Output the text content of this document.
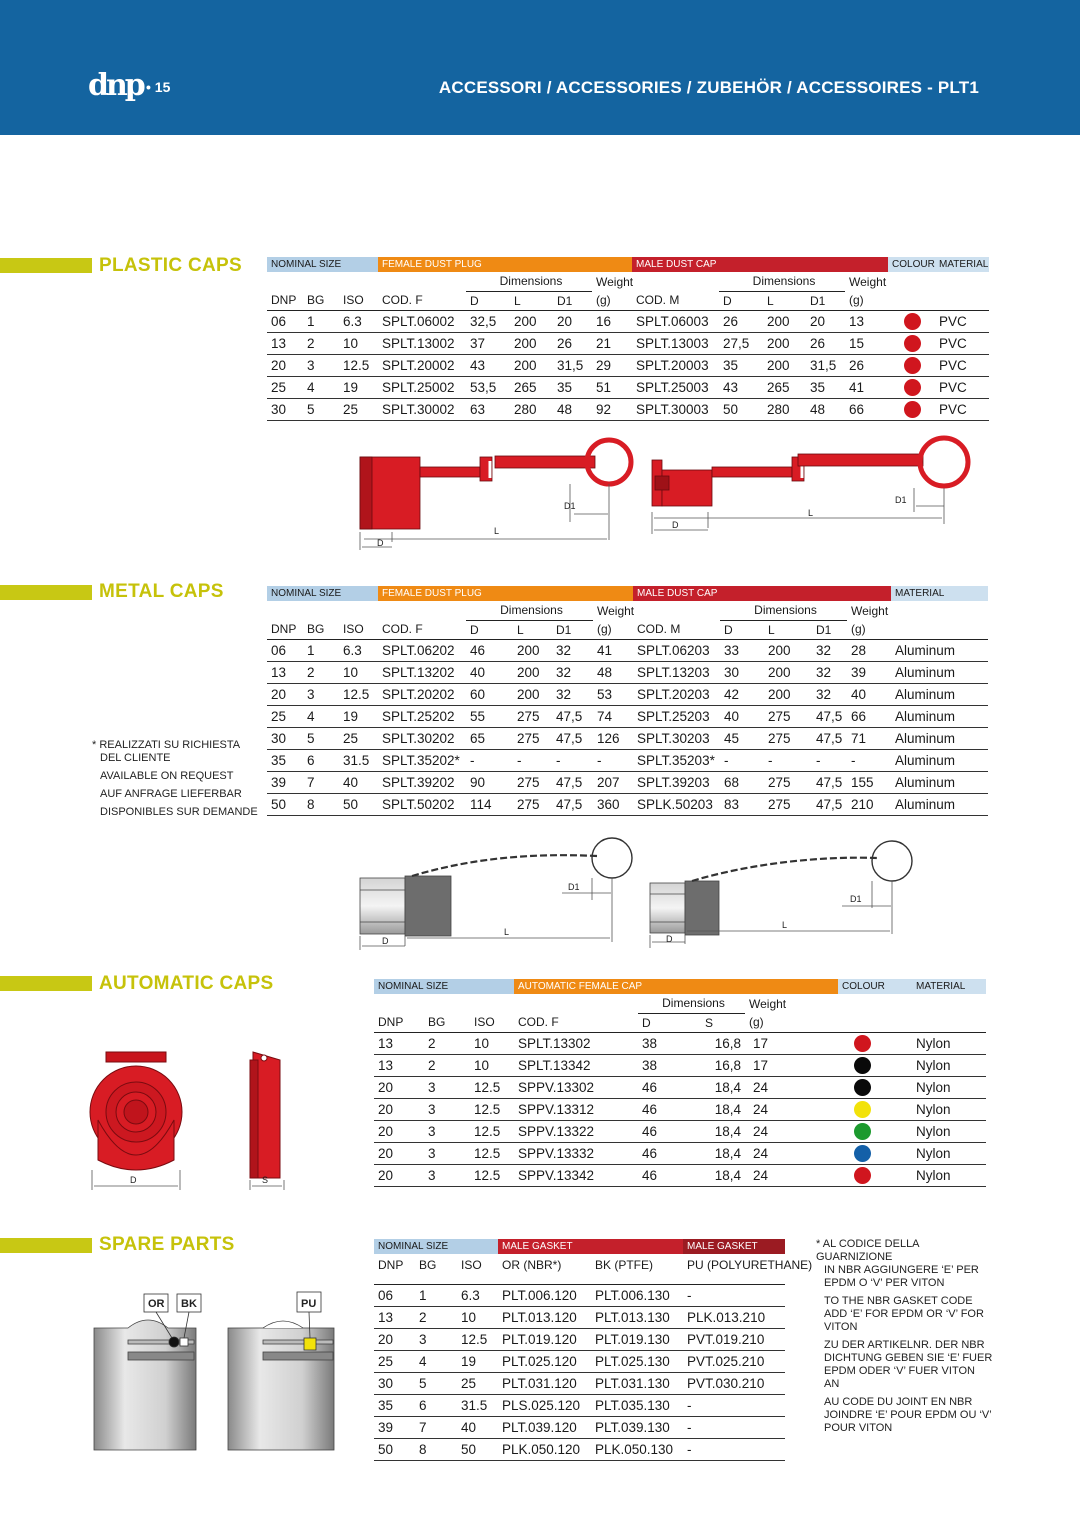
dnp • 15	ACCESSORI / ACCESSORIES / ZUBEHÖR / ACCESSOIRES - PLT1
PLASTIC CAPS	NOMINAL SIZE			FEMALE DUST PLUG					MALE DUST CAP					COLOUR	MATERIAL
				Dimensions			Weight		Dimensions			Weight		
DNP	BG	ISO	COD. F	D	L	D1	(g)	COD. M	D	L	D1	(g)		
06	1	6.3	SPLT.06002	32,5	200	20	16	SPLT.06003	26	200	20	13		PVC
13	2	10	SPLT.13002	37	200	26	21	SPLT.13003	27,5	200	26	15		PVC
20	3	12.5	SPLT.20002	43	200	31,5	29	SPLT.20003	35	200	31,5	26		PVC
25	4	19	SPLT.25002	53,5	265	35	51	SPLT.25003	43	265	35	41		PVC
30	5	25	SPLT.30002	63	280	48	92	SPLT.30003	50	280	48	66		PVC
D
L
D1
D
L
D1
METAL CAPS	NOMINAL SIZE			FEMALE DUST PLUG					MALE DUST CAP					MATERIAL
				Dimensions			Weight		Dimensions			Weight	
DNP	BG	ISO	COD. F	D	L	D1	(g)	COD. M	D	L	D1	(g)	
06	1	6.3	SPLT.06202	46	200	32	41	SPLT.06203	33	200	32	28	Aluminum
13	2	10	SPLT.13202	40	200	32	48	SPLT.13203	30	200	32	39	Aluminum
20	3	12.5	SPLT.20202	60	200	32	53	SPLT.20203	42	200	32	40	Aluminum
25	4	19	SPLT.25202	55	275	47,5	74	SPLT.25203	40	275	47,5	66	Aluminum
30	5	25	SPLT.30202	65	275	47,5	126	SPLT.30203	45	275	47,5	71	Aluminum
35	6	31.5	SPLT.35202*	-	-	-	-	SPLT.35203*	-	-	-	-	Aluminum
39	7	40	SPLT.39202	90	275	47,5	207	SPLT.39203	68	275	47,5	155	Aluminum
50	8	50	SPLT.50202	114	275	47,5	360	SPLK.50203	83	275	47,5	210	Aluminum
* REALIZZATI SU RICHIESTA
DEL CLIENTE
AVAILABLE ON REQUEST
AUF ANFRAGE LIEFERBAR
DISPONIBLES SUR DEMANDE
D
L
D1
D
L
D1
AUTOMATIC CAPS	NOMINAL SIZE			AUTOMATIC FEMALE CAP				COLOUR	MATERIAL
				Dimensions		Weight		
DNP	BG	ISO	COD. F	D	S	(g)		
13	2	10	SPLT.13302	38	16,8	17		Nylon
13	2	10	SPLT.13342	38	16,8	17		Nylon
20	3	12.5	SPPV.13302	46	18,4	24		Nylon
20	3	12.5	SPPV.13312	46	18,4	24		Nylon
20	3	12.5	SPPV.13322	46	18,4	24		Nylon
20	3	12.5	SPPV.13332	46	18,4	24		Nylon
20	3	12.5	SPPV.13342	46	18,4	24		Nylon
D	S
SPARE PARTS	NOMINAL SIZE			MALE GASKET		MALE GASKET
DNP	BG	ISO	OR (NBR*)	BK (PTFE)	PU (POLYURETHANE)
06	1	6.3	PLT.006.120	PLT.006.130	-
13	2	10	PLT.013.120	PLT.013.130	PLK.013.210
20	3	12.5	PLT.019.120	PLT.019.130	PVT.019.210
25	4	19	PLT.025.120	PLT.025.130	PVT.025.210
30	5	25	PLT.031.120	PLT.031.130	PVT.030.210
35	6	31.5	PLS.025.120	PLT.035.130	-
39	7	40	PLT.039.120	PLT.039.130	-
50	8	50	PLK.050.120	PLK.050.130	-

* AL CODICE DELLA GUARNIZIONE
IN NBR AGGIUNGERE ‘E’ PER
EPDM O ‘V’ PER VITON

TO THE NBR GASKET CODE
ADD ‘E’ FOR EPDM OR ‘V’ FOR
VITON

ZU DER ARTIKELNR. DER NBR
DICHTUNG GEBEN SIE ‘E’ FUER
EPDM ODER ‘V’ FUER VITON
AN

AU CODE DU JOINT EN NBR
JOINDRE ‘E’ POUR EPDM OU ‘V’
POUR VITON

OR BK	PU
